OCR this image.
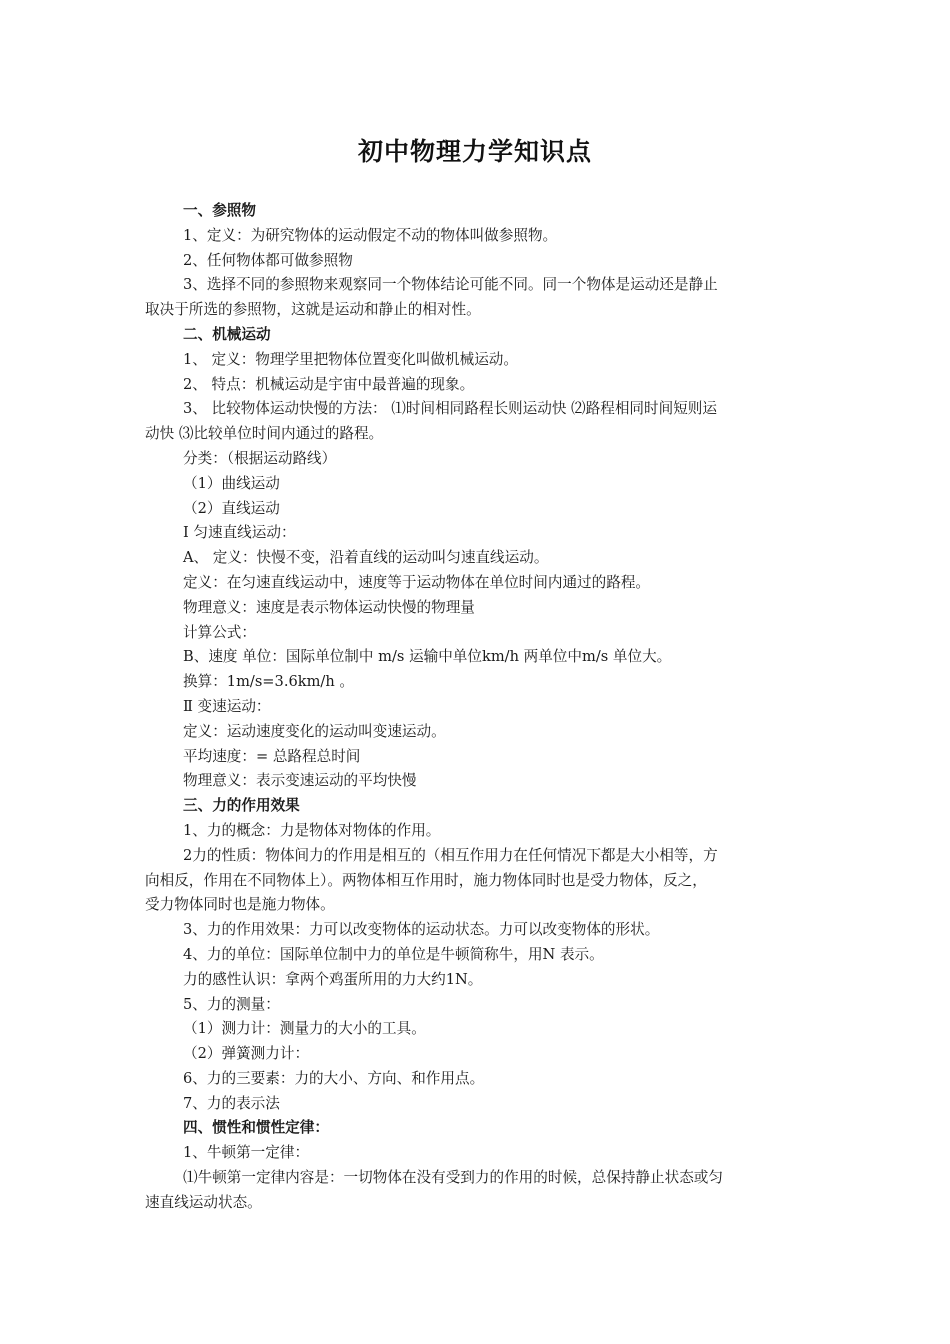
初中物理力学知识点

一、参照物

1、定义：为研究物体的运动假定不动的物体叫做参照物。

2、任何物体都可做参照物

3、选择不同的参照物来观察同一个物体结论可能不同。同一个物体是运动还是静止

取决于所选的参照物，这就是运动和静止的相对性。

二、机械运动

1、 定义：物理学里把物体位置变化叫做机械运动。

2、 特点：机械运动是宇宙中最普遍的现象。

3、 比较物体运动快慢的方法： ⑴时间相同路程长则运动快 ⑵路程相同时间短则运

动快 ⑶比较单位时间内通过的路程。

分类：（根据运动路线）

（1）曲线运动

（2）直线运动

Ⅰ 匀速直线运动：

A、 定义：快慢不变，沿着直线的运动叫匀速直线运动。

定义：在匀速直线运动中，速度等于运动物体在单位时间内通过的路程。

物理意义：速度是表示物体运动快慢的物理量

计算公式：

B、速度 单位：国际单位制中 m/s 运输中单位km/h 两单位中m/s 单位大。

换算：1m/s=3.6km/h 。

Ⅱ 变速运动：

定义：运动速度变化的运动叫变速运动。

平均速度：= 总路程总时间

物理意义：表示变速运动的平均快慢

三、力的作用效果

1、力的概念：力是物体对物体的作用。

2力的性质：物体间力的作用是相互的（相互作用力在任何情况下都是大小相等，方

向相反，作用在不同物体上）。两物体相互作用时，施力物体同时也是受力物体，反之，

受力物体同时也是施力物体。

3、力的作用效果：力可以改变物体的运动状态。力可以改变物体的形状。

4、力的单位：国际单位制中力的单位是牛顿简称牛，用N 表示。

力的感性认识：拿两个鸡蛋所用的力大约1N。

5、力的测量：

（1）测力计：测量力的大小的工具。

（2）弹簧测力计：

6、力的三要素：力的大小、方向、和作用点。

7、力的表示法

四、惯性和惯性定律：

1、牛顿第一定律：

⑴牛顿第一定律内容是：一切物体在没有受到力的作用的时候，总保持静止状态或匀

速直线运动状态。
